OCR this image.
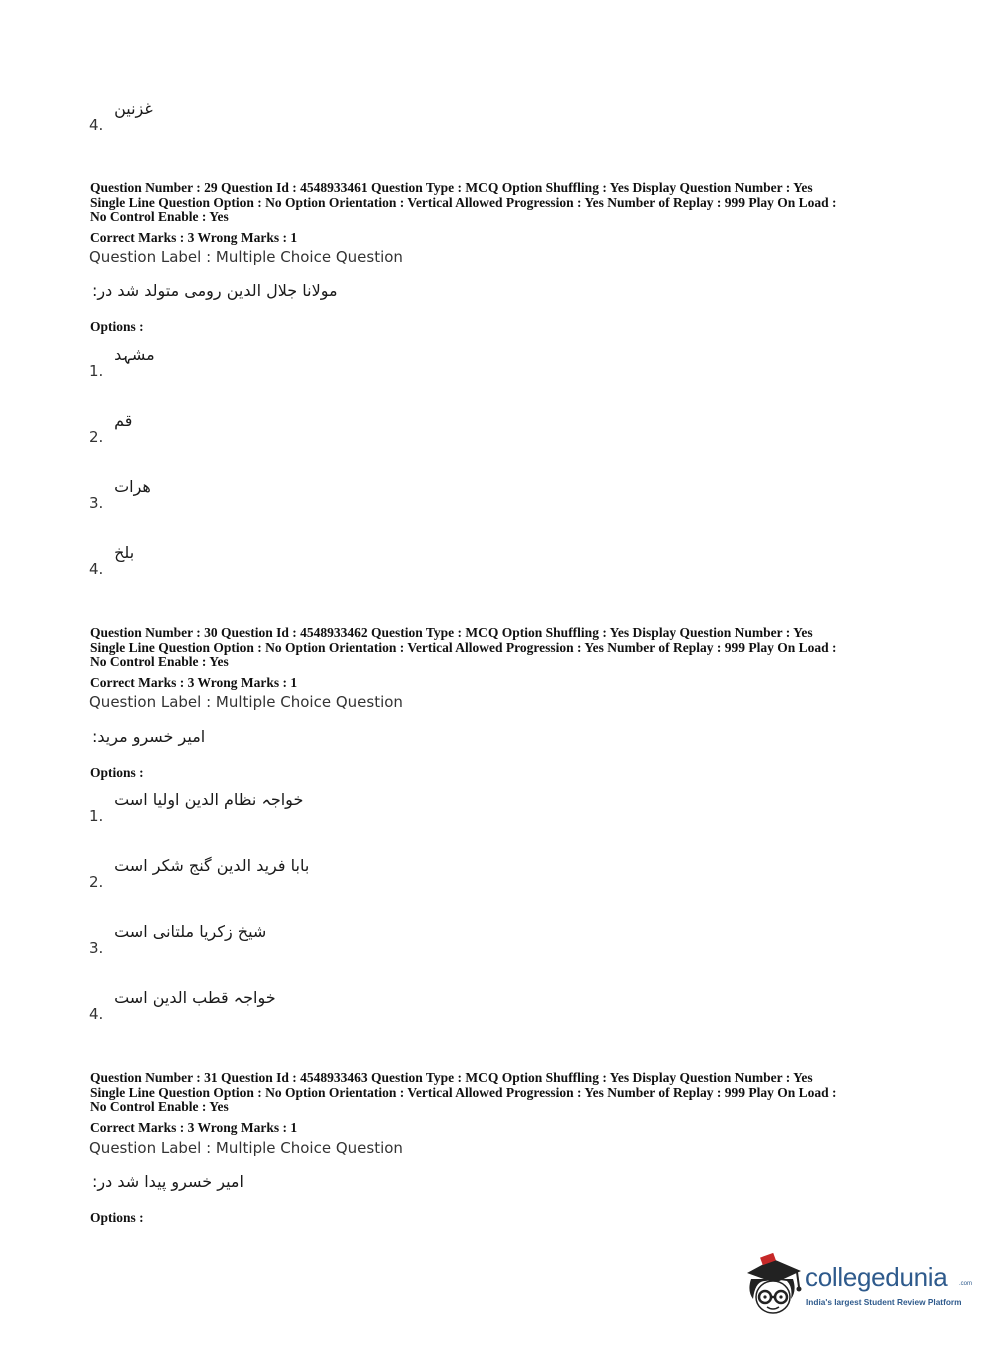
4. غزنین
Question Number : 29 Question Id : 4548933461 Question Type : MCQ Option Shuffling : Yes Display Question Number : Yes
Single Line Question Option : No Option Orientation : Vertical Allowed Progression : Yes Number of Replay : 999 Play On Load :
No Control Enable : Yes
Correct Marks : 3 Wrong Marks : 1
Question Label : Multiple Choice Question
مولانا جلال الدین رومی متولد شد در:
Options :
1. مشہد
2. قم
3. ھرات
4. بلخ
Question Number : 30 Question Id : 4548933462 Question Type : MCQ Option Shuffling : Yes Display Question Number : Yes
Single Line Question Option : No Option Orientation : Vertical Allowed Progression : Yes Number of Replay : 999 Play On Load :
No Control Enable : Yes
Correct Marks : 3 Wrong Marks : 1
Question Label : Multiple Choice Question
امیر خسرو مرید:
Options :
1. خواجہ نظام الدین اولیا است
2. بابا فرید الدین گنج شکر است
3. شیخ زکریا ملتانی است
4. خواجہ قطب الدین است
Question Number : 31 Question Id : 4548933463 Question Type : MCQ Option Shuffling : Yes Display Question Number : Yes
Single Line Question Option : No Option Orientation : Vertical Allowed Progression : Yes Number of Replay : 999 Play On Load :
No Control Enable : Yes
Correct Marks : 3 Wrong Marks : 1
Question Label : Multiple Choice Question
امیر خسرو پیدا شد در:
Options :
collegedunia .com
India's largest Student Review Platform
